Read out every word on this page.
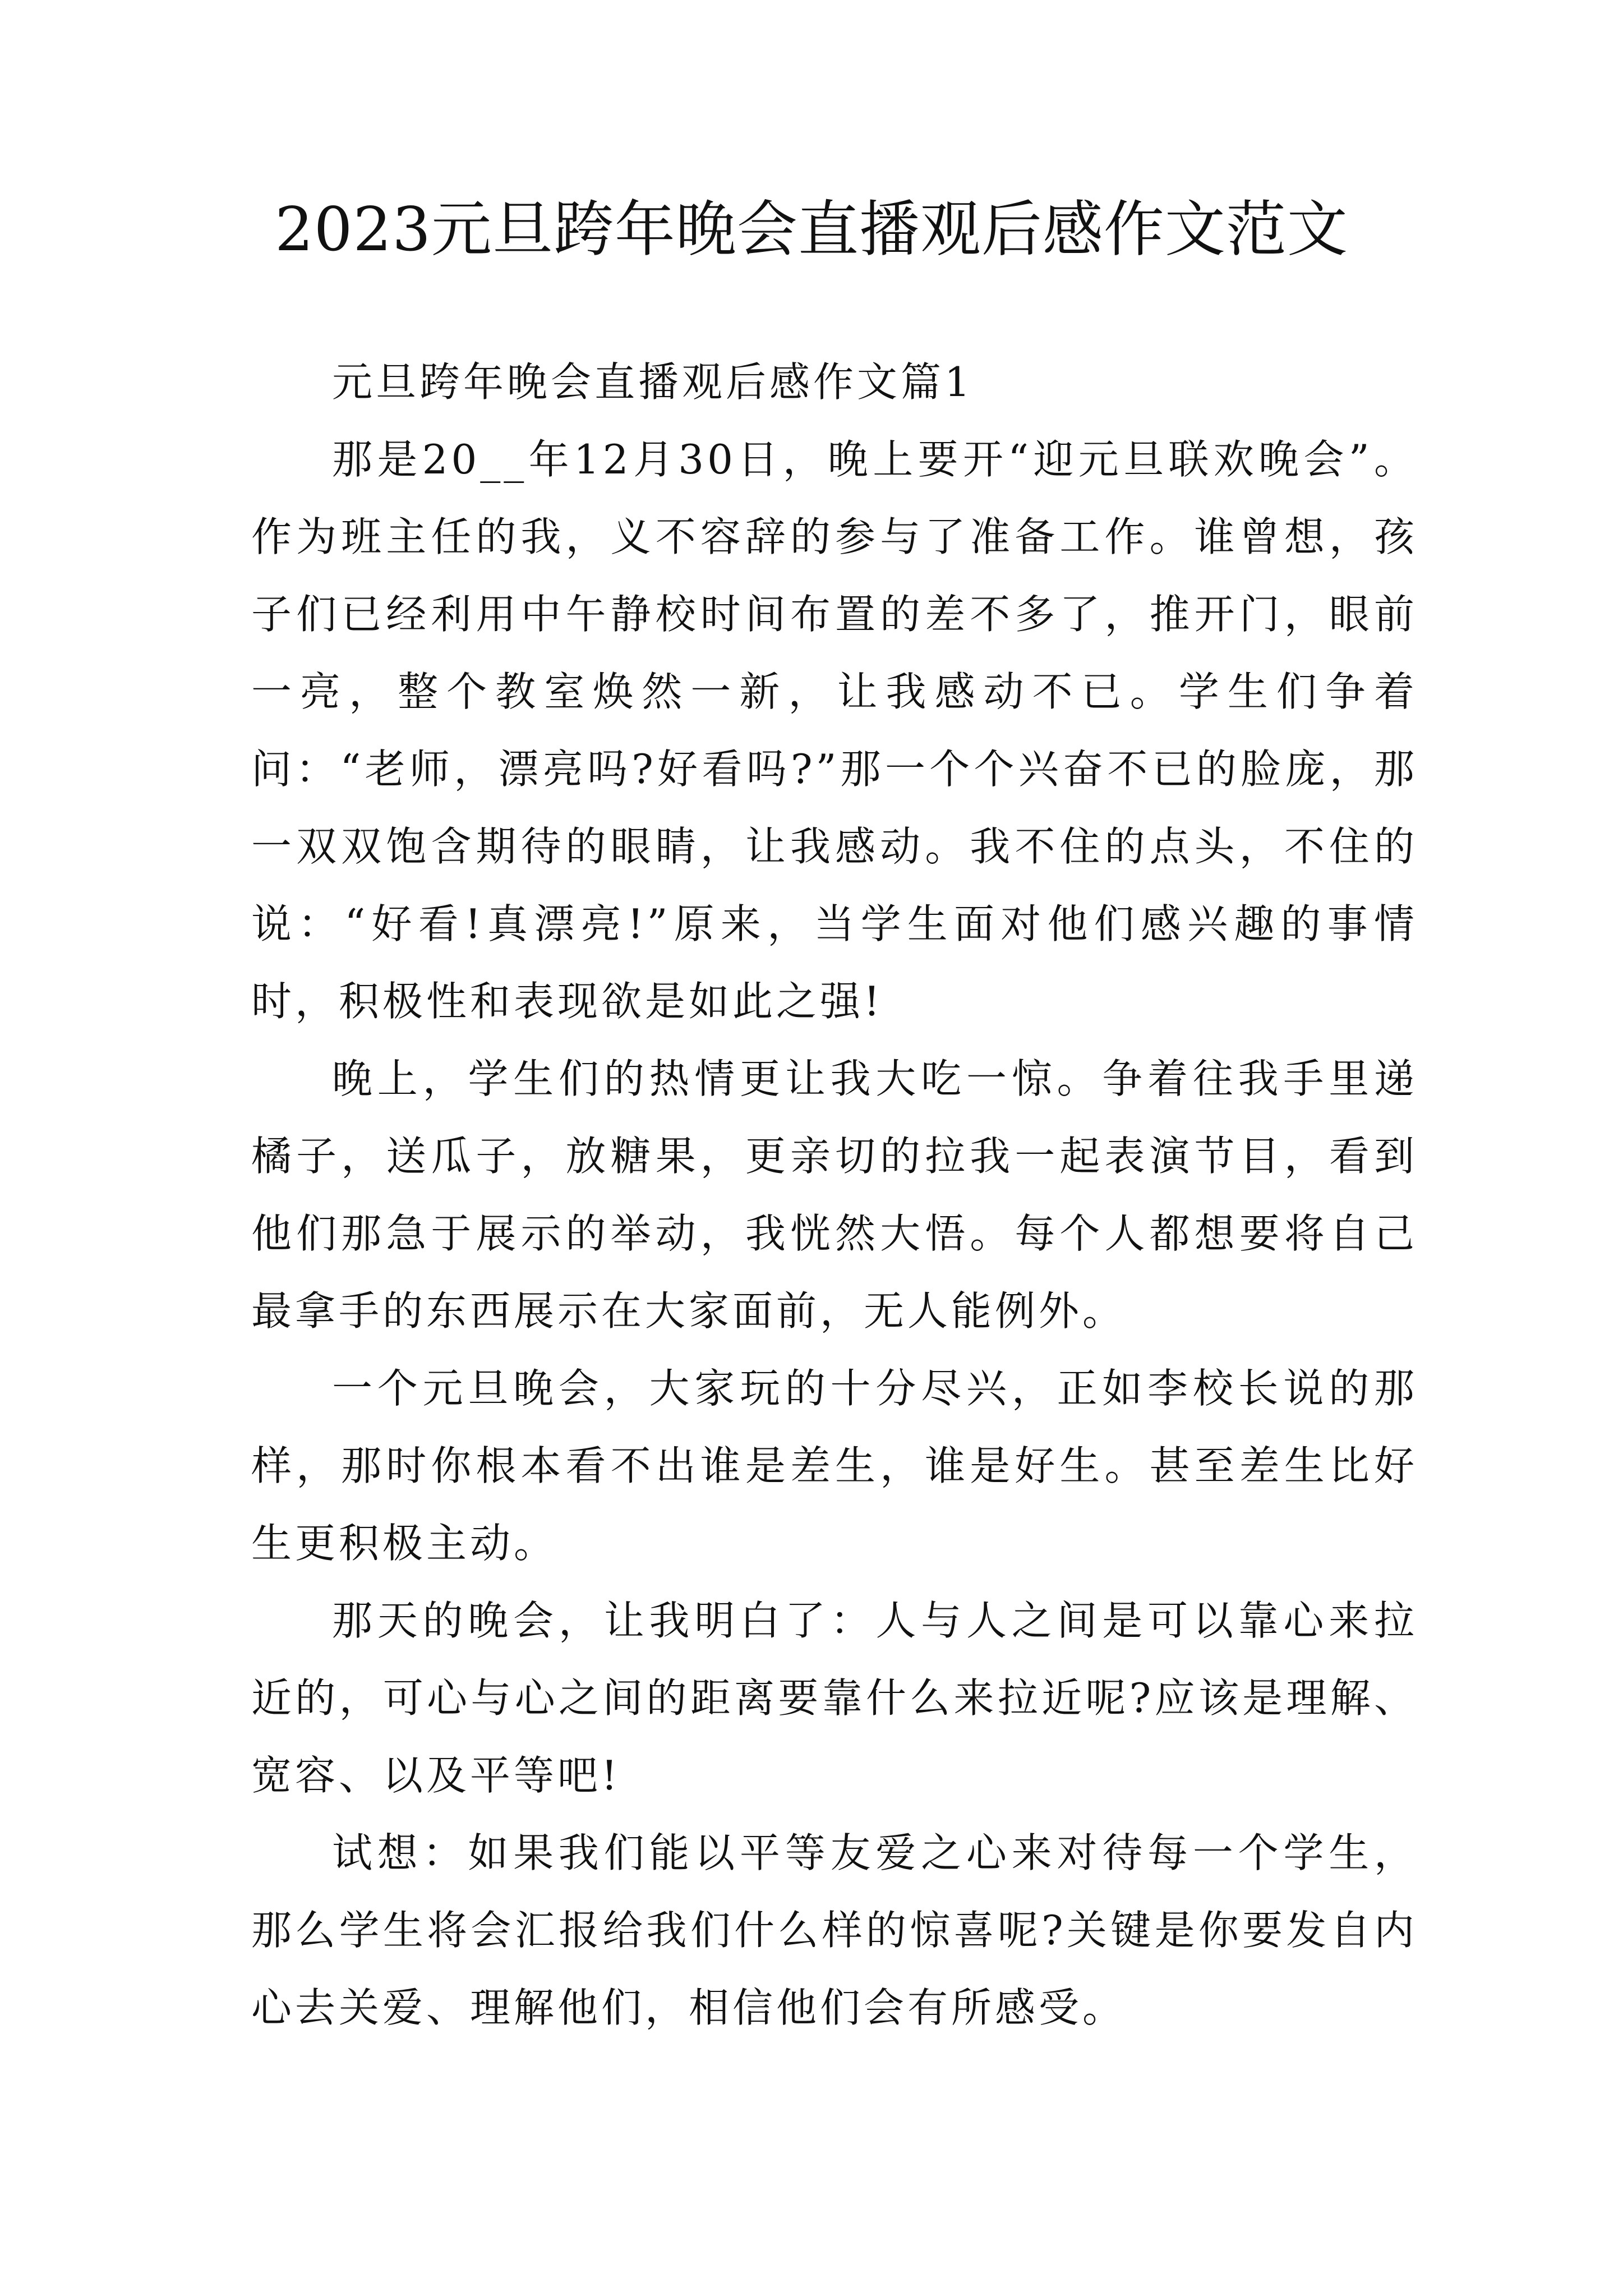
2023元旦跨年晚会直播观后感作文范文

元旦跨年晚会直播观后感作文篇1

那是20__年12月30日，晚上要开“迎元旦联欢晚会”。作为班主任的我，义不容辞的参与了准备工作。谁曾想，孩子们已经利用中午静校时间布置的差不多了，推开门，眼前一亮，整个教室焕然一新，让我感动不已。学生们争着问：“老师，漂亮吗?好看吗?”那一个个兴奋不已的脸庞，那一双双饱含期待的眼睛，让我感动。我不住的点头，不住的说：“好看!真漂亮!”原来，当学生面对他们感兴趣的事情时，积极性和表现欲是如此之强!

晚上，学生们的热情更让我大吃一惊。争着往我手里递橘子，送瓜子，放糖果，更亲切的拉我一起表演节目，看到他们那急于展示的举动，我恍然大悟。每个人都想要将自己最拿手的东西展示在大家面前，无人能例外。

一个元旦晚会，大家玩的十分尽兴，正如李校长说的那样，那时你根本看不出谁是差生，谁是好生。甚至差生比好生更积极主动。

那天的晚会，让我明白了：人与人之间是可以靠心来拉近的，可心与心之间的距离要靠什么来拉近呢?应该是理解、宽容、以及平等吧!

试想：如果我们能以平等友爱之心来对待每一个学生，那么学生将会汇报给我们什么样的惊喜呢?关键是你要发自内心去关爱、理解他们，相信他们会有所感受。
